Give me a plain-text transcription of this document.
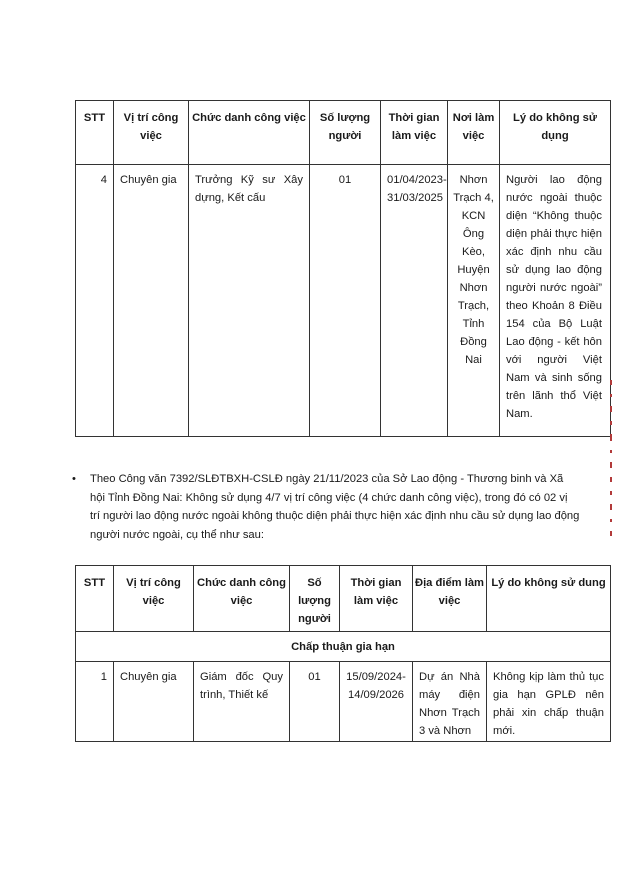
STT	Vị trí công việc	Chức danh công việc	Số lượng người	Thời gian làm việc	Nơi làm việc	Lý do không sử dụng

4	Chuyên gia	Trưởng Kỹ sư Xây dựng, Kết cấu	01	01/04/2023-31/03/2025	Nhơn Trạch 4, KCN Ông Kèo, Huyện Nhơn Trạch, Tỉnh Đồng Nai	Người lao động nước ngoài thuộc diện “Không thuộc diện phải thực hiện xác định nhu cầu sử dụng lao động người nước ngoài” theo Khoản 8 Điều 154 của Bộ Luật Lao động - kết hôn với người Việt Nam và sinh sống trên lãnh thổ Việt Nam.
• Theo Công văn 7392/SLĐTBXH-CSLĐ ngày 21/11/2023 của Sở Lao động - Thương binh và Xã hội Tỉnh Đồng Nai: Không sử dụng 4/7 vị trí công việc (4 chức danh công việc), trong đó có 02 vị trí người lao động nước ngoài không thuộc diện phải thực hiện xác định nhu cầu sử dụng lao động người nước ngoài, cụ thể như sau:
STT	Vị trí công việc	Chức danh công việc	Số lượng người	Thời gian làm việc	Địa điểm làm việc	Lý do không sử dung
Chấp thuận gia hạn						

1	Chuyên gia	Giám đốc Quy trình, Thiết kế	01	15/09/2024-14/09/2026	Dự án Nhà máy điện Nhơn Trạch 3 và Nhơn	Không kịp làm thủ tục gia hạn GPLĐ nên phải xin chấp thuận mới.
